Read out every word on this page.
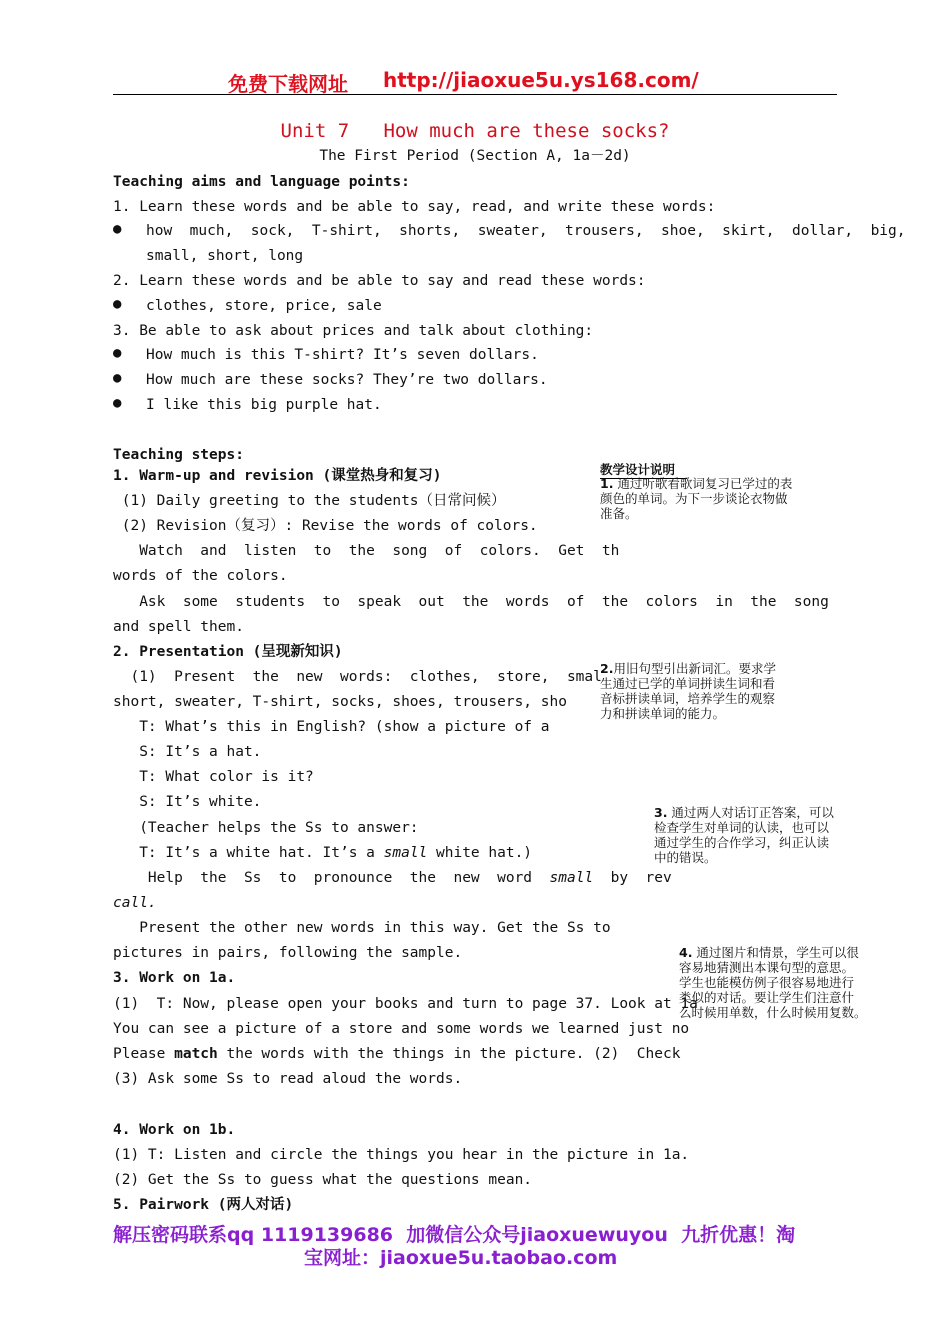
免费下载网址 http://jiaoxue5u.ys168.com/
Unit 7   How much are these socks?
The First Period (Section A, 1a－2d)
Teaching aims and language points:
1. Learn these words and be able to say, read, and write these words:
● how  much,  sock,  T-shirt,  shorts,  sweater,  trousers,  shoe,  skirt,  dollar,  big,
small, short, long
2. Learn these words and be able to say and read these words:
● clothes, store, price, sale
3. Be able to ask about prices and talk about clothing:
● How much is this T-shirt? It’s seven dollars.
● How much are these socks? They’re two dollars.
● I like this big purple hat.
Teaching steps:
1. Warm-up and revision (课堂热身和复习)
(1) Daily greeting to the students（日常问候）
(2) Revision（复习）: Revise the words of colors.
Watch  and  listen  to  the  song  of  colors.  Get  th
words of the colors.
Ask  some  students  to  speak  out  the  words  of  the  colors  in  the  song
and spell them.
2. Presentation (呈现新知识)
(1)  Present  the  new  words:  clothes,  store,  smal
short, sweater, T-shirt, socks, shoes, trousers, sho
T: What’s this in English? (show a picture of a
S: It’s a hat.
T: What color is it?
S: It’s white.
(Teacher helps the Ss to answer:
T: It’s a white hat. It’s a small white hat.)
Help  the  Ss  to  pronounce  the  new  word  small  by  rev
call.
Present the other new words in this way. Get the Ss to
pictures in pairs, following the sample.
3. Work on 1a.
(1)  T: Now, please open your books and turn to page 37. Look at 1a
You can see a picture of a store and some words we learned just no
Please match the words with the things in the picture. (2)  Check
(3) Ask some Ss to read aloud the words.
4. Work on 1b.
(1) T: Listen and circle the things you hear in the picture in 1a.
(2) Get the Ss to guess what the questions mean.
5. Pairwork (两人对话)
教学设计说明
1. 通过听歌看歌词复习已学过的表
颜色的单词。为下一步谈论衣物做
准备。
2.用旧句型引出新词汇。要求学
生通过已学的单词拼读生词和看
音标拼读单词，培养学生的观察
力和拼读单词的能力。
3. 通过两人对话订正答案，可以
检查学生对单词的认读，也可以
通过学生的合作学习，纠正认读
中的错误。
4. 通过图片和情景，学生可以很
容易地猜测出本课句型的意思。
学生也能模仿例子很容易地进行
类似的对话。要让学生们注意什
么时候用单数，什么时候用复数。
解压密码联系qq 1119139686  加微信公众号jiaoxuewuyou  九折优惠！淘
宝网址：jiaoxue5u.taobao.com
